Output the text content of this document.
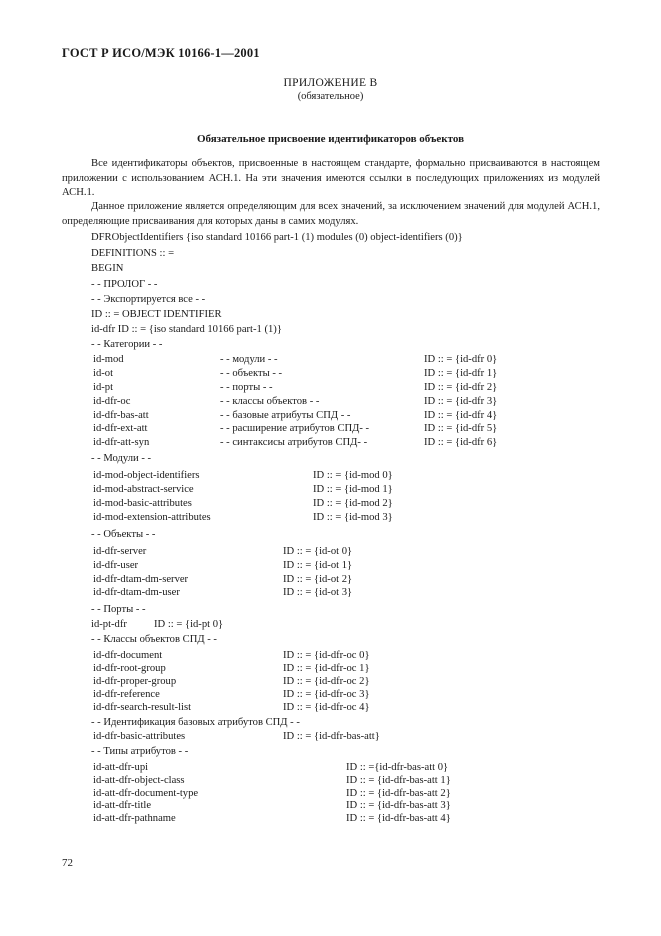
ГОСТ Р ИСО/МЭК 10166-1—2001
ПРИЛОЖЕНИЕ В
(обязательное)
Обязательное присвоение идентификаторов объектов
Все идентификаторы объектов, присвоенные в настоящем стандарте, формально присваиваются в настоящем приложении с использованием АСН.1. На эти значения имеются ссылки в последующих приложениях из модулей АСН.1.
Данное приложение является определяющим для всех значений, за исключением значений для модулей АСН.1, определяющие присваивания для которых даны в самих модулях.
DFRObjectIdentifiers {iso standard 10166 part-1 (1) modules (0) object-identifiers (0)}
DEFINITIONS :: =
BEGIN
- - ПРОЛОГ - -
- - Экспортируется все - -
ID :: = OBJECT IDENTIFIER
id-dfr ID :: = {iso standard 10166 part-1 (1)}
- - Категории - -
id-mod	- - модули - -	ID :: = {id-dfr 0}
id-ot	- - объекты - -	ID :: = {id-dfr 1}
id-pt	- - порты - -	ID :: = {id-dfr 2}
id-dfr-oc	- - классы объектов - -	ID :: = {id-dfr 3}
id-dfr-bas-att	- - базовые атрибуты СПД - -	ID :: = {id-dfr 4}
id-dfr-ext-att	- - расширение атрибутов СПД- -	ID :: = {id-dfr 5}
id-dfr-att-syn	- - синтаксисы атрибутов СПД- -	ID :: = {id-dfr 6}
- - Модули - -
id-mod-object-identifiers	ID :: = {id-mod 0}
id-mod-abstract-service	ID :: = {id-mod 1}
id-mod-basic-attributes	ID :: = {id-mod 2}
id-mod-extension-attributes	ID :: = {id-mod 3}
- - Объекты - -
id-dfr-server	ID :: = {id-ot 0}
id-dfr-user	ID :: = {id-ot 1}
id-dfr-dtam-dm-server	ID :: = {id-ot 2}
id-dfr-dtam-dm-user	ID :: = {id-ot 3}
- - Порты - -
id-pt-dfr	ID :: = {id-pt 0}
- - Классы объектов СПД - -
id-dfr-document	ID :: = {id-dfr-oc 0}
id-dfr-root-group	ID :: = {id-dfr-oc 1}
id-dfr-proper-group	ID :: = {id-dfr-oc 2}
id-dfr-reference	ID :: = {id-dfr-oc 3}
id-dfr-search-result-list	ID :: = {id-dfr-oc 4}
- - Идентификация базовых атрибутов СПД - -
id-dfr-basic-attributes	ID :: = {id-dfr-bas-att}
- - Типы атрибутов - -
id-att-dfr-upi	ID :: ={id-dfr-bas-att 0}
id-att-dfr-object-class	ID :: = {id-dfr-bas-att 1}
id-att-dfr-document-type	ID :: = {id-dfr-bas-att 2}
id-att-dfr-title	ID :: = {id-dfr-bas-att 3}
id-att-dfr-pathname	ID :: = {id-dfr-bas-att 4}
72
